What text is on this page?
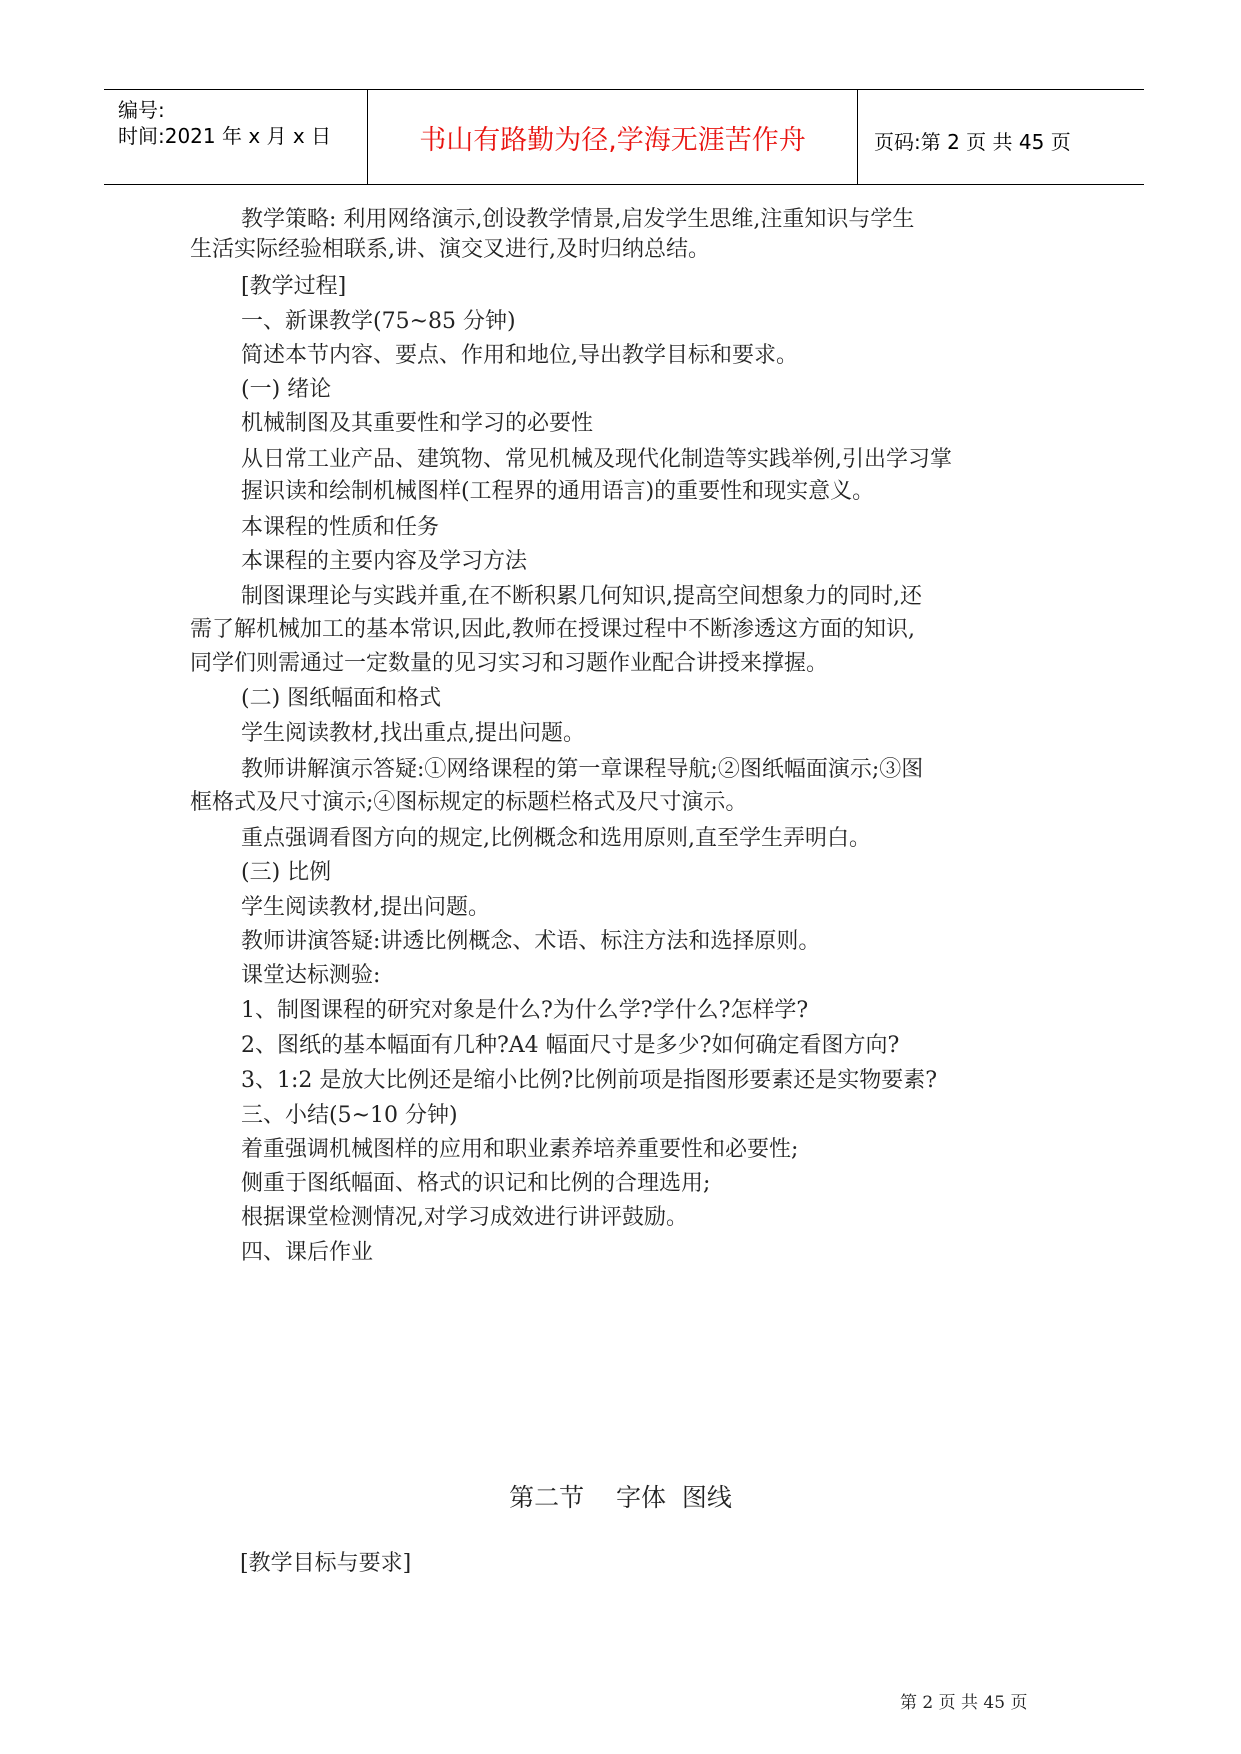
编号:
时间:2021 年 x 月 x 日	书山有路勤为径,学海无涯苦作舟	页码:第 2 页 共 45 页
教学策略: 利用网络演示,创设教学情景,启发学生思维,注重知识与学生
生活实际经验相联系,讲、演交叉进行,及时归纳总结。
[教学过程]
一、新课教学(75~85 分钟)
简述本节内容、要点、作用和地位,导出教学目标和要求。
(一) 绪论
机械制图及其重要性和学习的必要性
从日常工业产品、建筑物、常见机械及现代化制造等实践举例,引出学习掌
握识读和绘制机械图样(工程界的通用语言)的重要性和现实意义。
本课程的性质和任务
本课程的主要内容及学习方法
制图课理论与实践并重,在不断积累几何知识,提高空间想象力的同时,还
需了解机械加工的基本常识,因此,教师在授课过程中不断渗透这方面的知识,
同学们则需通过一定数量的见习实习和习题作业配合讲授来撑握。
(二) 图纸幅面和格式
学生阅读教材,找出重点,提出问题。
教师讲解演示答疑:①网络课程的第一章课程导航;②图纸幅面演示;③图
框格式及尺寸演示;④图标规定的标题栏格式及尺寸演示。
重点强调看图方向的规定,比例概念和选用原则,直至学生弄明白。
(三) 比例
学生阅读教材,提出问题。
教师讲演答疑:讲透比例概念、术语、标注方法和选择原则。
课堂达标测验:
1、制图课程的研究对象是什么?为什么学?学什么?怎样学?
2、图纸的基本幅面有几种?A4 幅面尺寸是多少?如何确定看图方向?
3、1:2 是放大比例还是缩小比例?比例前项是指图形要素还是实物要素?
三、小结(5~10 分钟)
着重强调机械图样的应用和职业素养培养重要性和必要性;
侧重于图纸幅面、格式的识记和比例的合理选用;
根据课堂检测情况,对学习成效进行讲评鼓励。
四、课后作业
第二节    字体  图线
[教学目标与要求]
第 2 页 共 45 页
